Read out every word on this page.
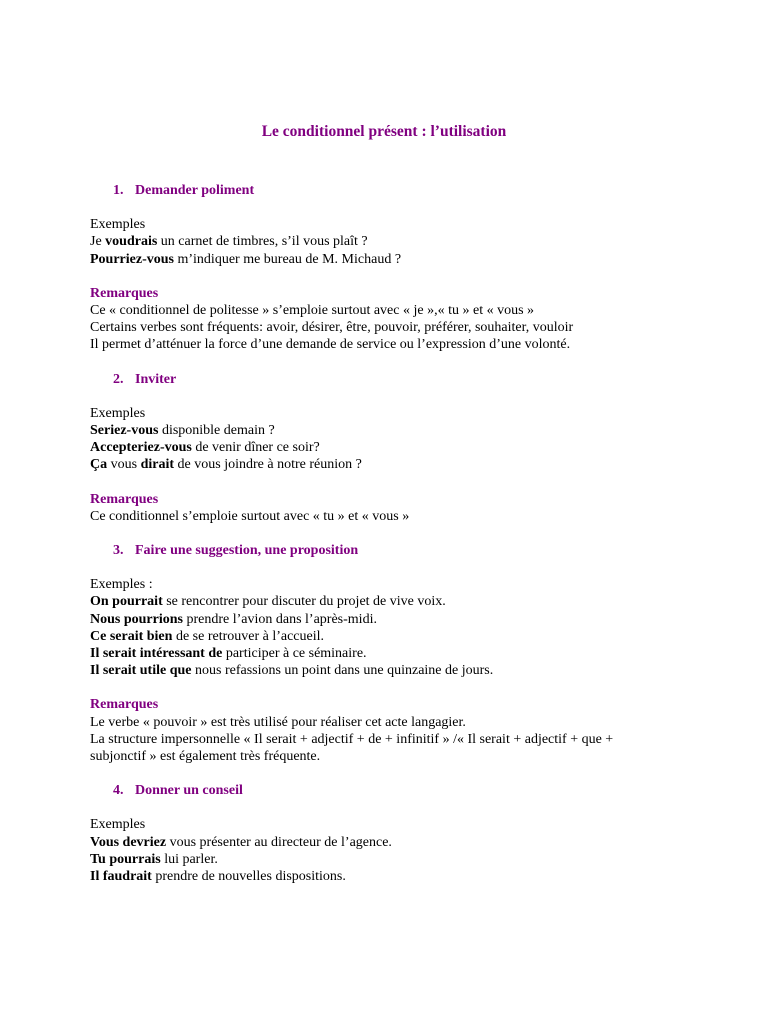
Le conditionnel présent : l’utilisation
1. Demander poliment

Exemples

Je voudrais un carnet de timbres, s’il vous plaît ?

Pourriez-vous m’indiquer me bureau de M. Michaud ?

Remarques

Ce « conditionnel de politesse » s’emploie surtout avec « je »,« tu » et « vous »

Certains verbes sont fréquents: avoir, désirer, être, pouvoir, préférer, souhaiter, vouloir

Il permet d’atténuer la force d’une demande de service ou l’expression d’une volonté.

2. Inviter

Exemples

Seriez-vous disponible demain ?

Accepteriez-vous de venir dîner ce soir?

Ça vous dirait de vous joindre à notre réunion ?

Remarques

Ce conditionnel s’emploie surtout avec « tu » et « vous »

3. Faire une suggestion, une proposition

Exemples :

On pourrait se rencontrer pour discuter du projet de vive voix.

Nous pourrions prendre l’avion dans l’après-midi.

Ce serait bien de se retrouver à l’accueil.

Il serait intéressant de participer à ce séminaire.

Il serait utile que nous refassions un point dans une quinzaine de jours.

Remarques

Le verbe « pouvoir » est très utilisé pour réaliser cet acte langagier.

La structure impersonnelle « Il serait + adjectif + de + infinitif » /« Il serait + adjectif + que +

subjonctif » est également très fréquente.

4. Donner un conseil

Exemples

Vous devriez vous présenter au directeur de l’agence.

Tu pourrais lui parler.

Il faudrait prendre de nouvelles dispositions.
